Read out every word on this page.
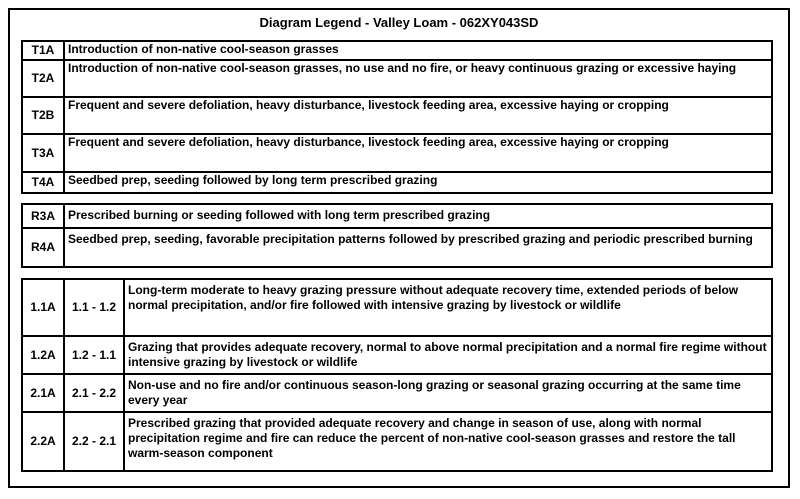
Diagram Legend - Valley Loam - 062XY043SD
T1A	Introduction of non-native cool-season grasses
T2A	Introduction of non-native cool-season grasses, no use and no fire, or heavy continuous grazing or excessive haying
T2B	Frequent and severe defoliation, heavy disturbance, livestock feeding area, excessive haying or cropping
T3A	Frequent and severe defoliation, heavy disturbance, livestock feeding area, excessive haying or cropping
T4A	Seedbed prep, seeding followed by long term prescribed grazing
R3A	Prescribed burning or seeding followed with long term prescribed grazing
R4A	Seedbed prep, seeding, favorable precipitation patterns followed by prescribed grazing and periodic prescribed burning
1.1A	1.1 - 1.2	Long-term moderate to heavy grazing pressure without adequate recovery time, extended periods of below normal precipitation, and/or fire followed with intensive grazing by livestock or wildlife
1.2A	1.2 - 1.1	Grazing that provides adequate recovery, normal to above normal precipitation and a normal fire regime without intensive grazing by livestock or wildlife
2.1A	2.1 - 2.2	Non-use and no fire and/or continuous season-long grazing or seasonal grazing occurring at the same time every year
2.2A	2.2 - 2.1	Prescribed grazing that provided adequate recovery and change in season of use, along with normal precipitation regime and fire can reduce the percent of non-native cool-season grasses and restore the tall warm-season component
